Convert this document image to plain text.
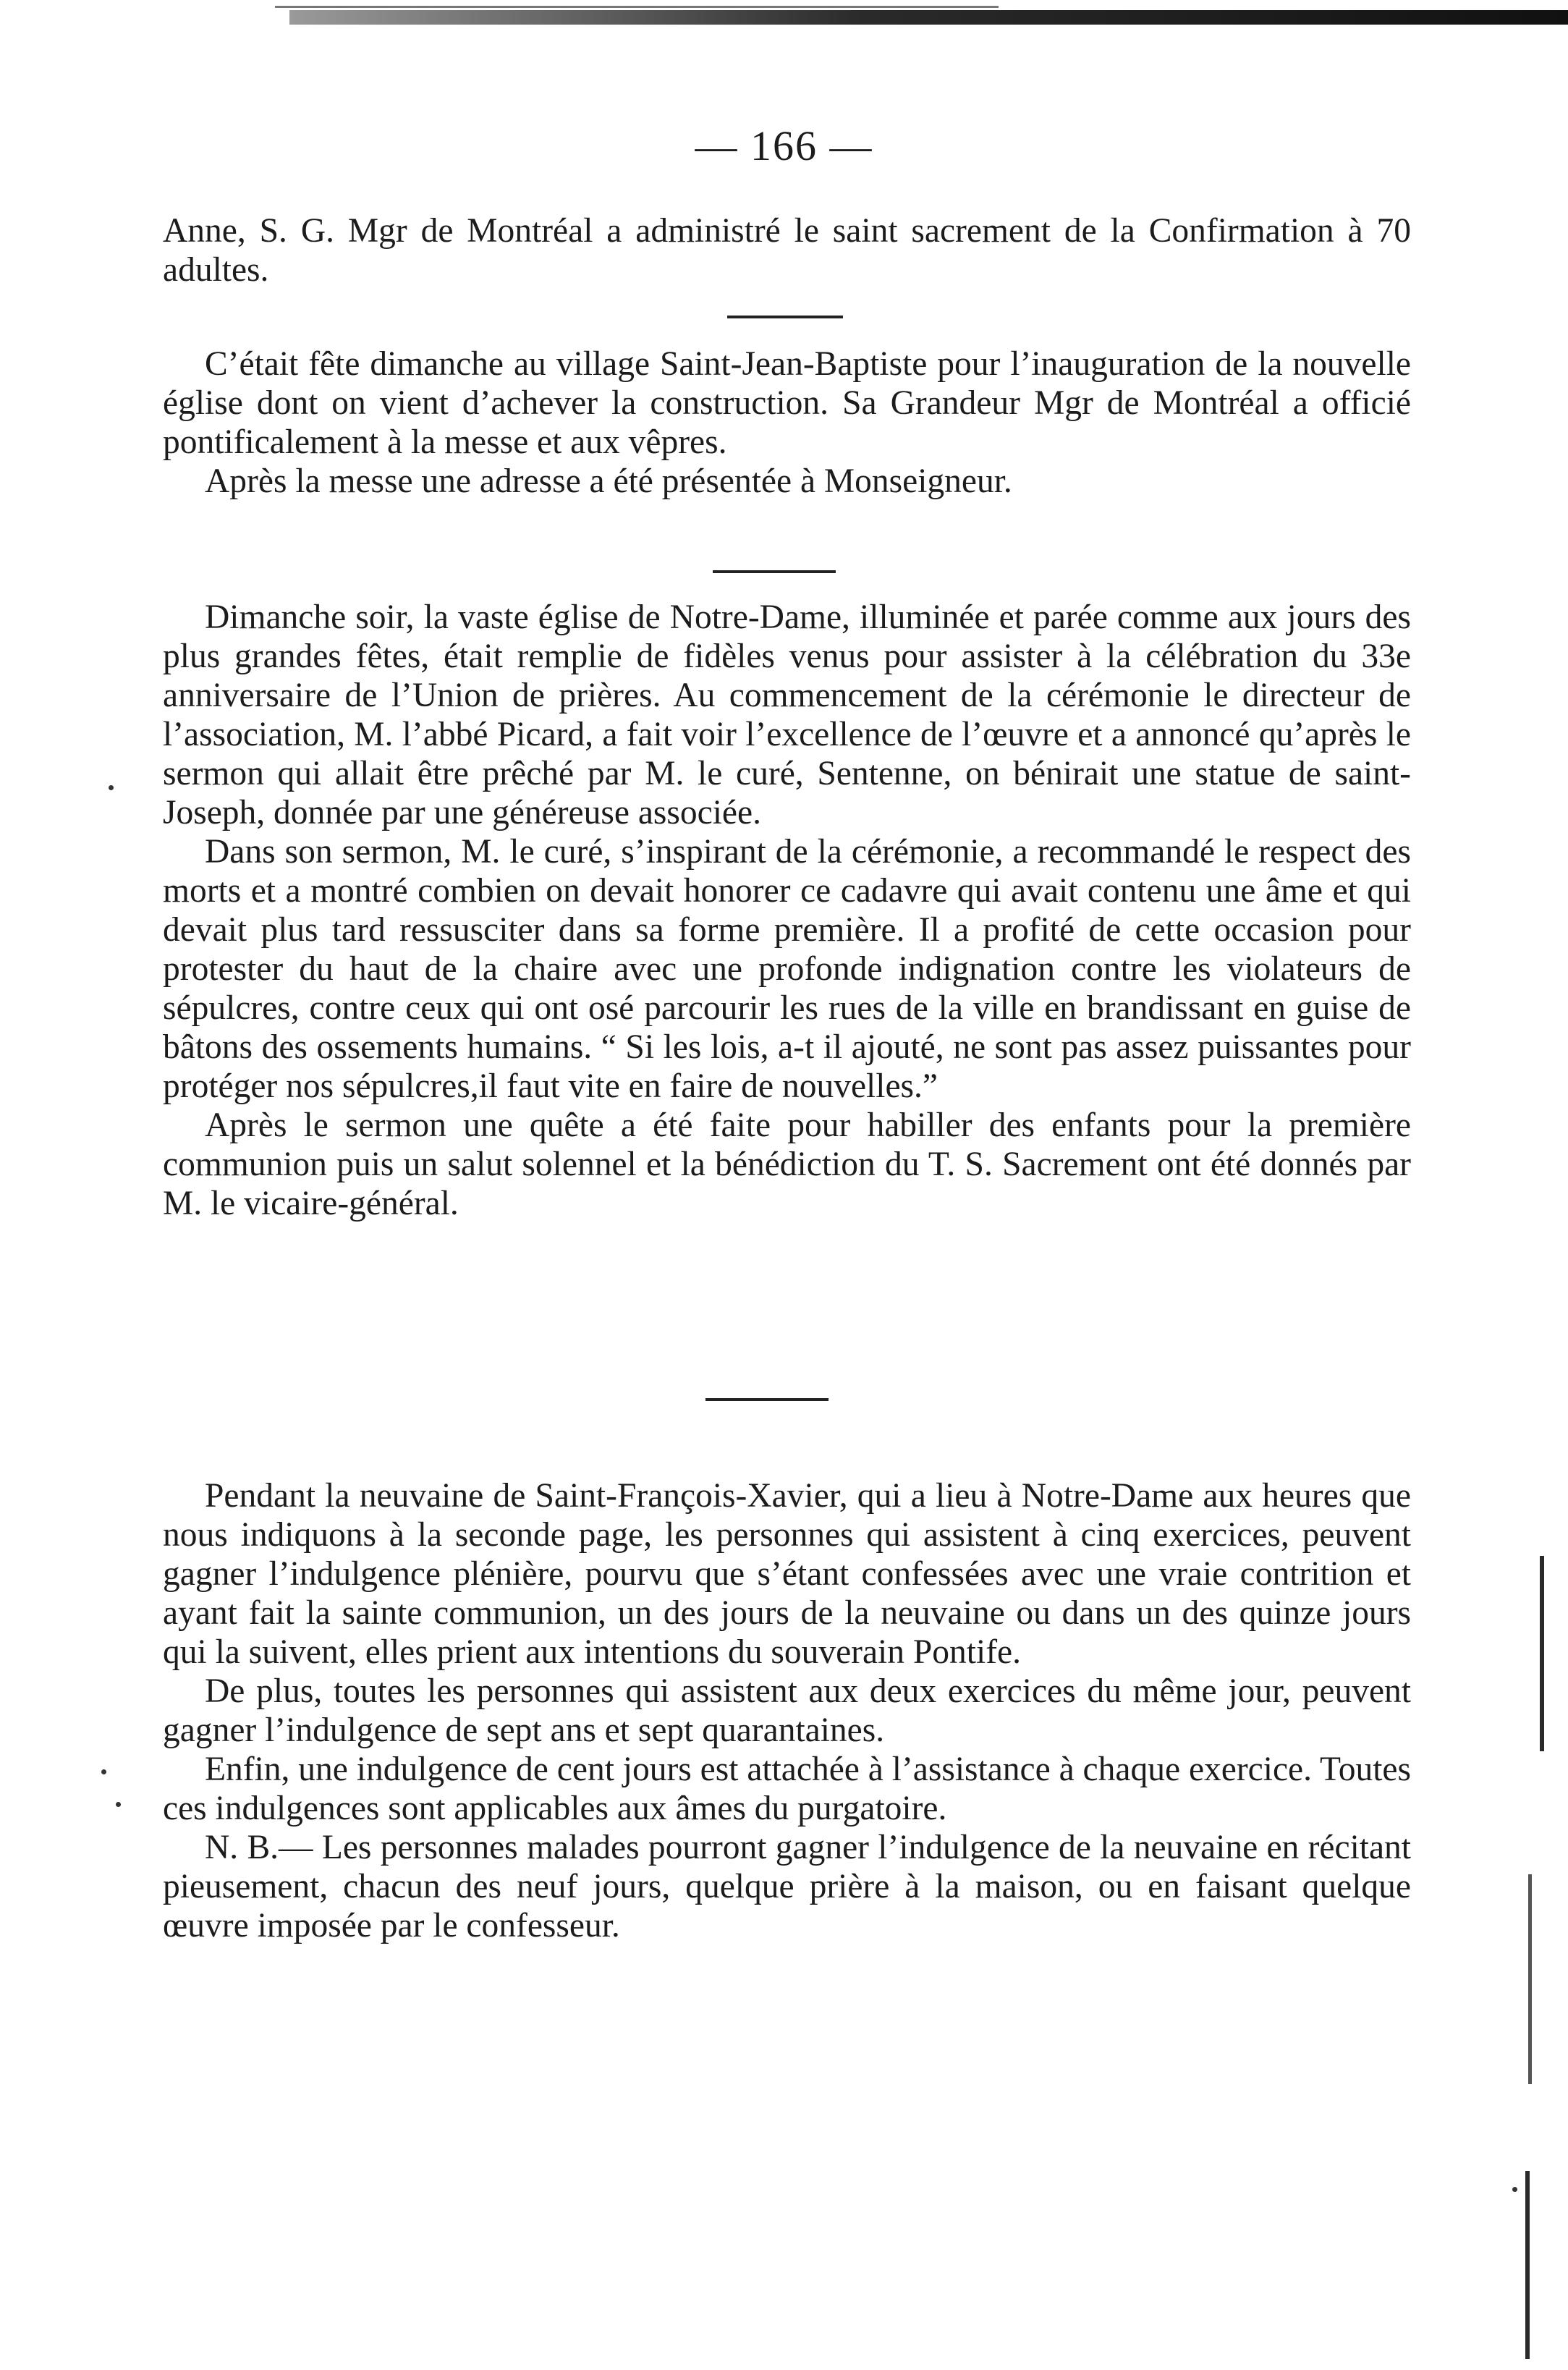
— 166 —

Anne, S. G. Mgr de Montréal a administré le saint sacrement de la Confirmation à 70 adultes.

C’était fête dimanche au village Saint-Jean-Baptiste pour l’inauguration de la nouvelle église dont on vient d’achever la construction. Sa Grandeur Mgr de Montréal a officié pontificalement à la messe et aux vêpres.

Après la messe une adresse a été présentée à Monseigneur.

Dimanche soir, la vaste église de Notre-Dame, illuminée et parée comme aux jours des plus grandes fêtes, était remplie de fidèles venus pour assister à la célébration du 33e anniversaire de l’Union de prières. Au commencement de la cérémonie le directeur de l’association, M. l’abbé Picard, a fait voir l’excellence de l’œuvre et a annoncé qu’après le sermon qui allait être prêché par M. le curé, Sentenne, on bénirait une statue de saint-Joseph, donnée par une généreuse associée.

Dans son sermon, M. le curé, s’inspirant de la cérémonie, a recommandé le respect des morts et a montré combien on devait honorer ce cadavre qui avait contenu une âme et qui devait plus tard ressusciter dans sa forme première. Il a profité de cette occasion pour protester du haut de la chaire avec une profonde indignation contre les violateurs de sépulcres, contre ceux qui ont osé parcourir les rues de la ville en brandissant en guise de bâtons des ossements humains. “ Si les lois, a-t il ajouté, ne sont pas assez puissantes pour protéger nos sépulcres,il faut vite en faire de nouvelles.”

Après le sermon une quête a été faite pour habiller des enfants pour la première communion puis un salut solennel et la bénédiction du T. S. Sacrement ont été donnés par M. le vicaire-général.

Pendant la neuvaine de Saint-François-Xavier, qui a lieu à Notre-Dame aux heures que nous indiquons à la seconde page, les personnes qui assistent à cinq exercices, peuvent gagner l’indulgence plénière, pourvu que s’étant confessées avec une vraie contrition et ayant fait la sainte communion, un des jours de la neuvaine ou dans un des quinze jours qui la suivent, elles prient aux intentions du souverain Pontife.

De plus, toutes les personnes qui assistent aux deux exercices du même jour, peuvent gagner l’indulgence de sept ans et sept quarantaines.

Enfin, une indulgence de cent jours est attachée à l’assistance à chaque exercice. Toutes ces indulgences sont applicables aux âmes du purgatoire.

N. B.— Les personnes malades pourront gagner l’indulgence de la neuvaine en récitant pieusement, chacun des neuf jours, quelque prière à la maison, ou en faisant quelque œuvre imposée par le confesseur.
